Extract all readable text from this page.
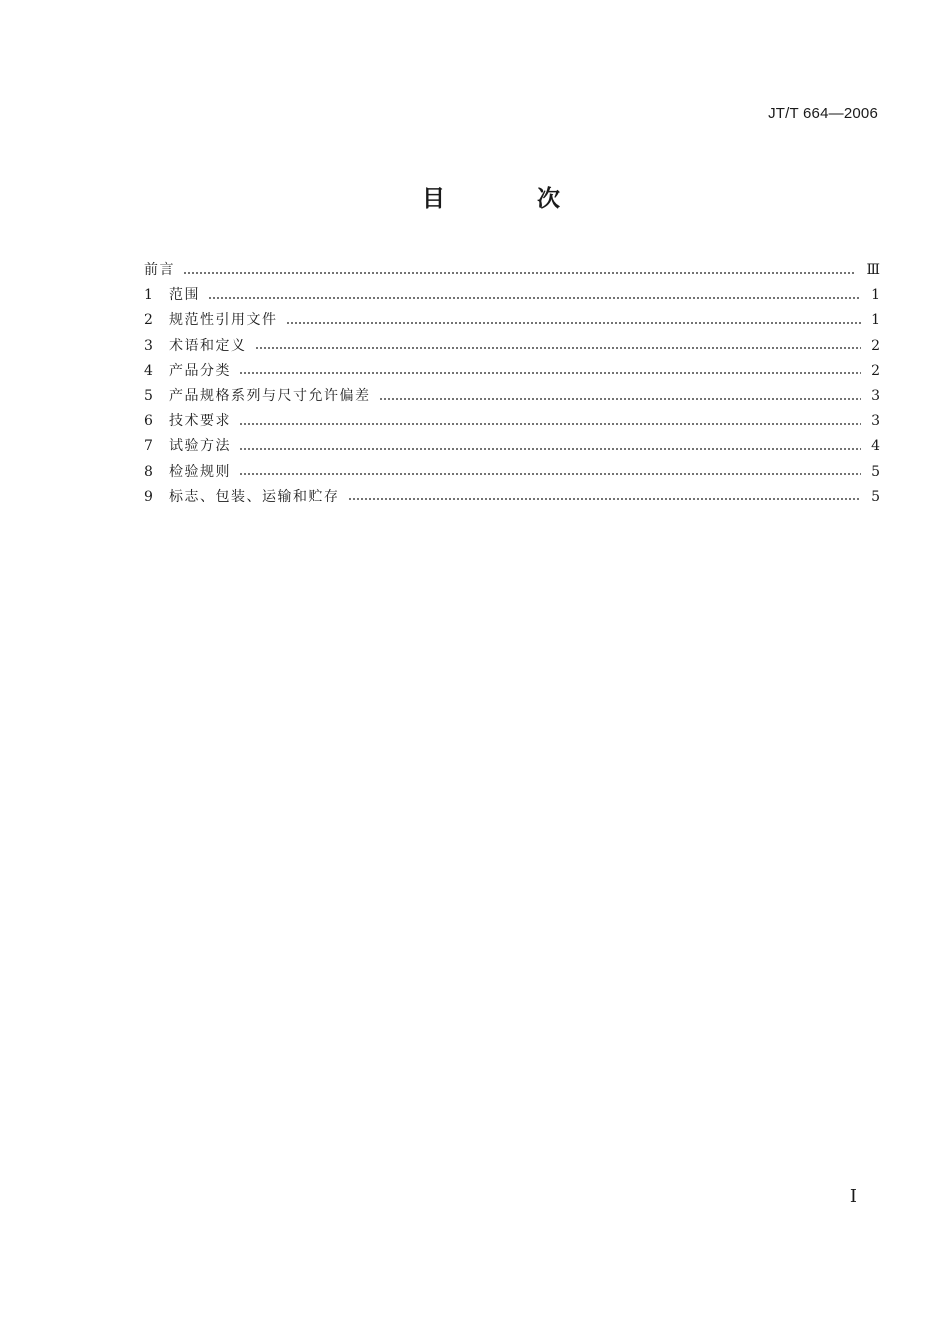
JT/T 664—2006
目 次
前言	Ⅲ
1	范围	1
2	规范性引用文件	1
3	术语和定义	2
4	产品分类	2
5	产品规格系列与尺寸允许偏差	3
6	技术要求	3
7	试验方法	4
8	检验规则	5
9	标志、包装、运输和贮存	5
Ⅰ
